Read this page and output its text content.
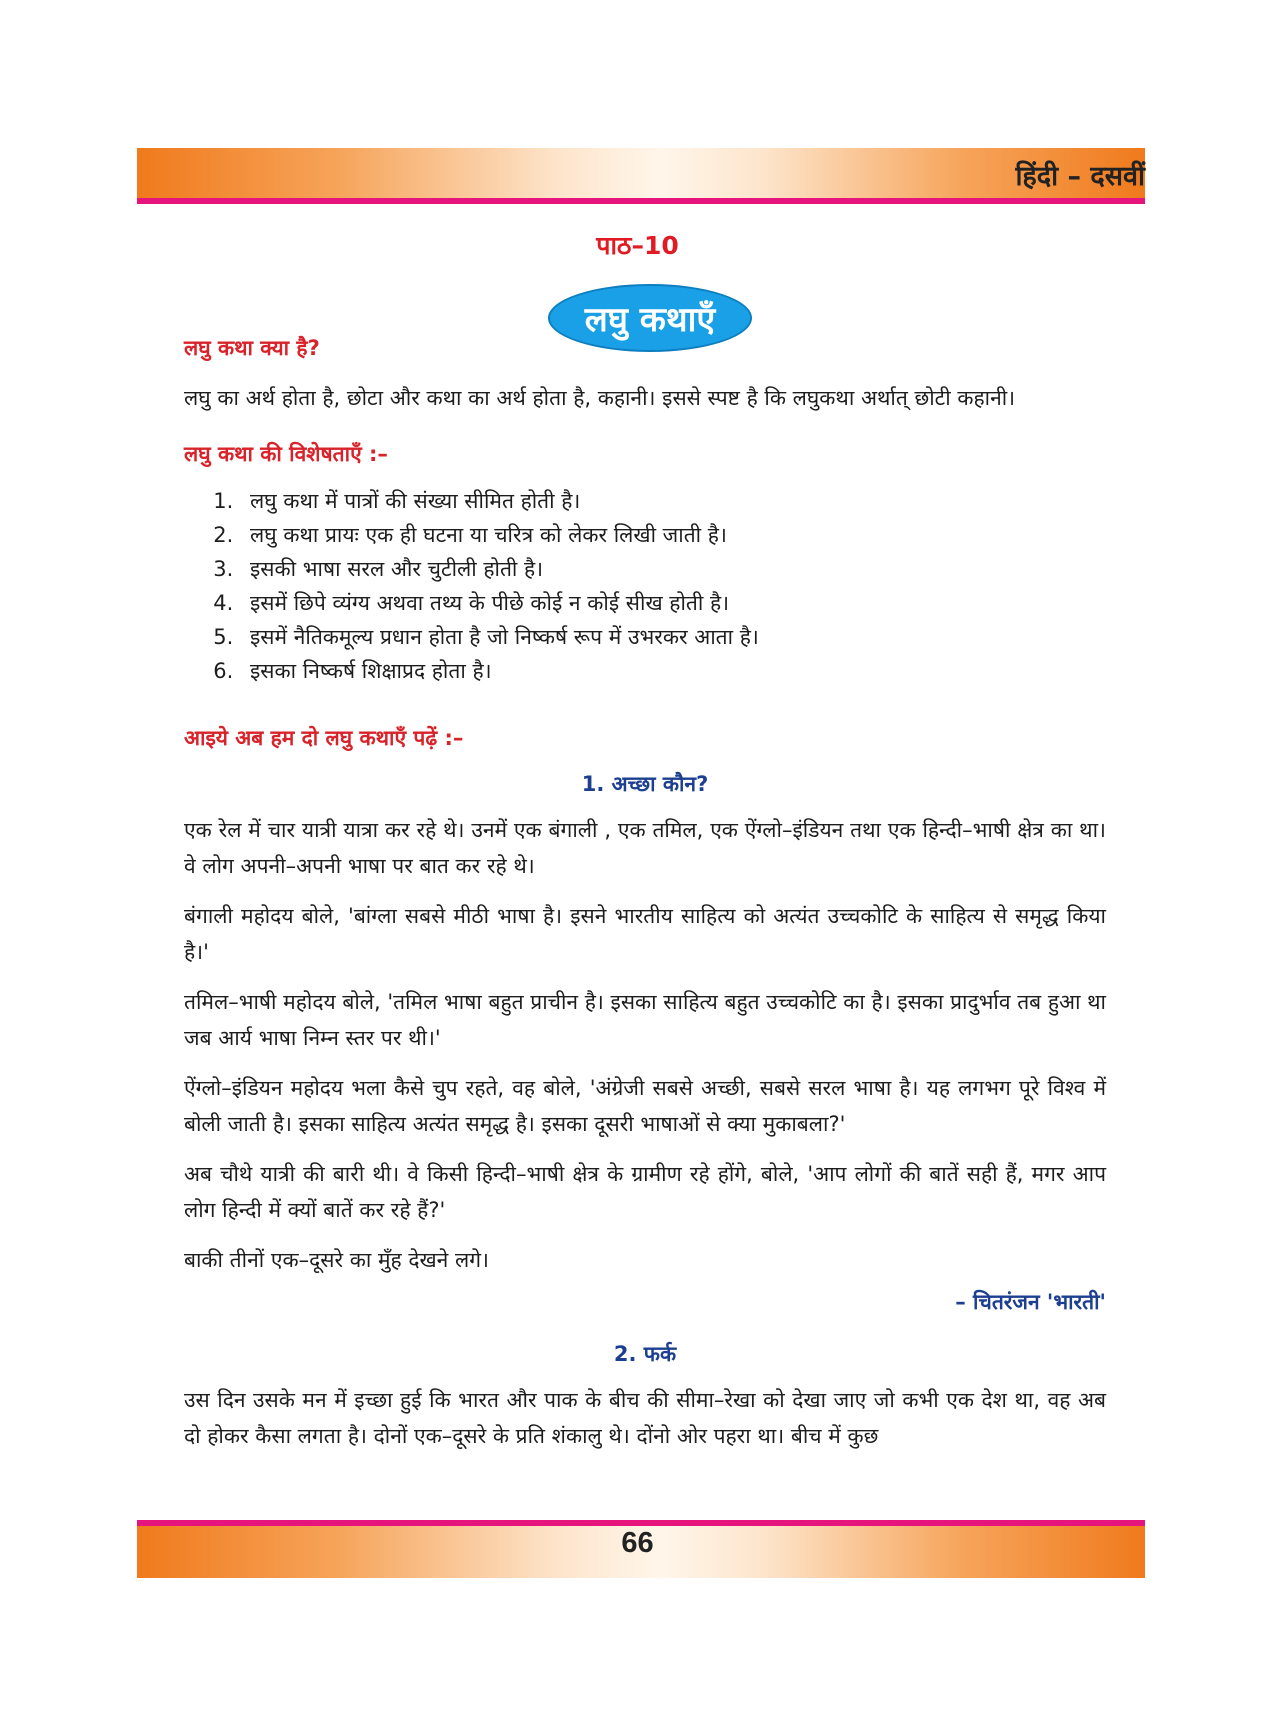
हिंदी – दसवीं
पाठ–10
लघु कथाएँ
लघु कथा क्या है?

लघु का अर्थ होता है, छोटा और कथा का अर्थ होता है, कहानी। इससे स्पष्ट है कि लघुकथा अर्थात् छोटी कहानी।

लघु कथा की विशेषताएँ :–
1. लघु कथा में पात्रों की संख्या सीमित होती है।
2. लघु कथा प्रायः एक ही घटना या चरित्र को लेकर लिखी जाती है।
3. इसकी भाषा सरल और चुटीली होती है।
4. इसमें छिपे व्यंग्य अथवा तथ्य के पीछे कोई न कोई सीख होती है।
5. इसमें नैतिकमूल्य प्रधान होता है जो निष्कर्ष रूप में उभरकर आता है।
6. इसका निष्कर्ष शिक्षाप्रद होता है।
आइये अब हम दो लघु कथाएँ पढ़ें :–
1. अच्छा कौन?

एक रेल में चार यात्री यात्रा कर रहे थे। उनमें एक बंगाली , एक तमिल, एक ऐंग्लो–इंडियन तथा एक हिन्दी–भाषी क्षेत्र का था। वे लोग अपनी–अपनी भाषा पर बात कर रहे थे।

बंगाली महोदय बोले, 'बांग्ला सबसे मीठी भाषा है। इसने भारतीय साहित्य को अत्यंत उच्चकोटि के साहित्य से समृद्ध किया है।'

तमिल–भाषी महोदय बोले, 'तमिल भाषा बहुत प्राचीन है। इसका साहित्य बहुत उच्चकोटि का है। इसका प्रादुर्भाव तब हुआ था जब आर्य भाषा निम्न स्तर पर थी।'

ऐंग्लो–इंडियन महोदय भला कैसे चुप रहते, वह बोले, 'अंग्रेजी सबसे अच्छी, सबसे सरल भाषा है। यह लगभग पूरे विश्व में बोली जाती है। इसका साहित्य अत्यंत समृद्ध है। इसका दूसरी भाषाओं से क्या मुकाबला?'

अब चौथे यात्री की बारी थी। वे किसी हिन्दी–भाषी क्षेत्र के ग्रामीण रहे होंगे, बोले, 'आप लोगों की बातें सही हैं, मगर आप लोग हिन्दी में क्यों बातें कर रहे हैं?'

बाकी तीनों एक–दूसरे का मुँह देखने लगे।

– चितरंजन 'भारती'

2. फर्क

उस दिन उसके मन में इच्छा हुई कि भारत और पाक के बीच की सीमा–रेखा को देखा जाए जो कभी एक देश था, वह अब दो होकर कैसा लगता है। दोनों एक–दूसरे के प्रति शंकालु थे। दोंनो ओर पहरा था। बीच में कुछ

66
